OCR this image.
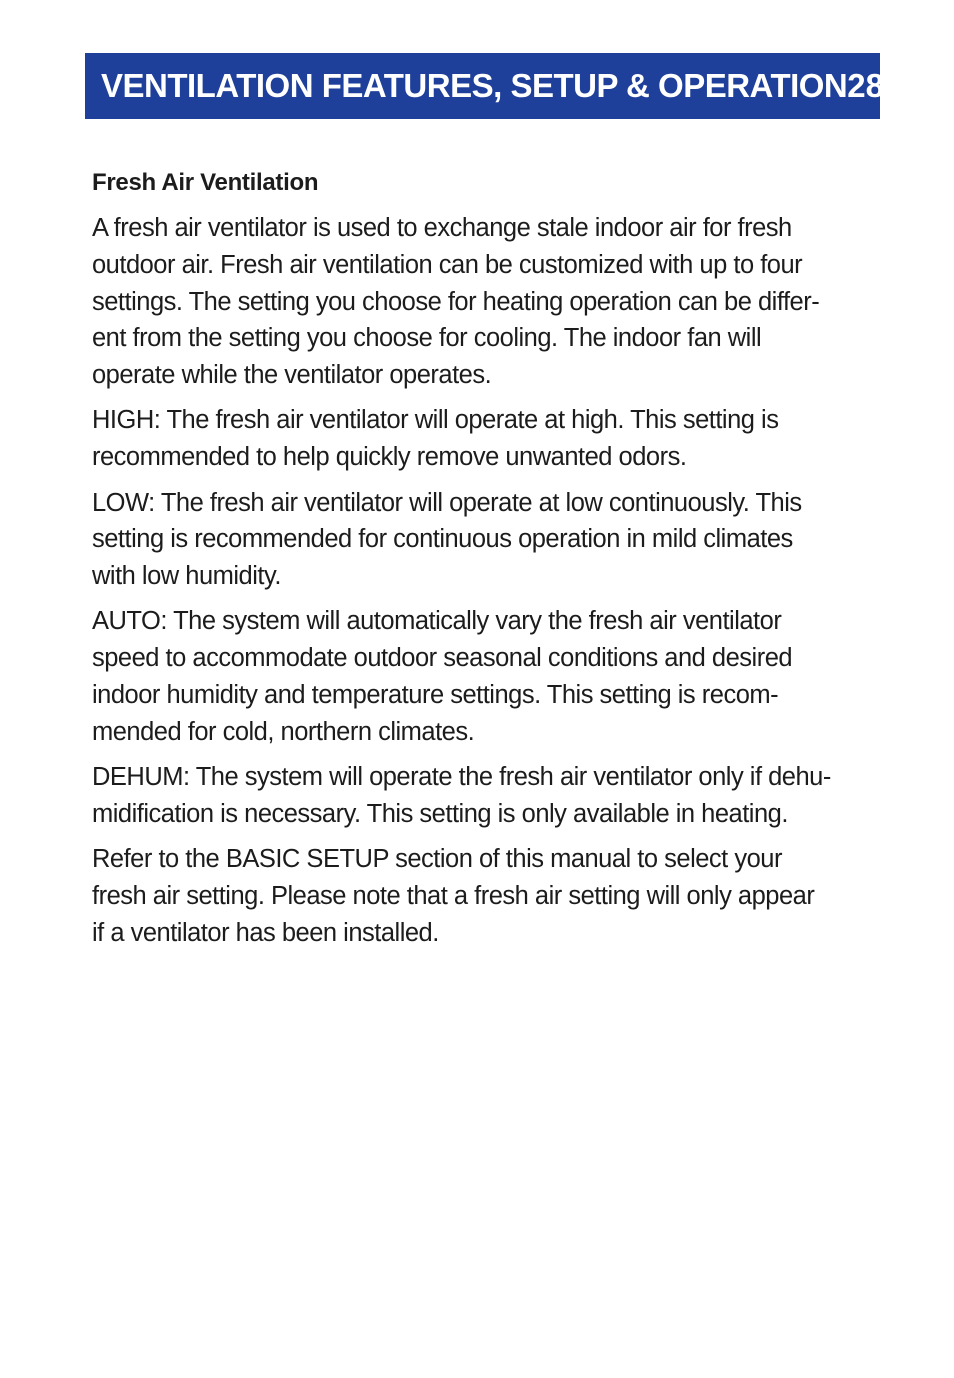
VENTILATION FEATURES, SETUP & OPERATION 28
Fresh Air Ventilation

A fresh air ventilator is used to exchange stale indoor air for fresh
outdoor air. Fresh air ventilation can be customized with up to four
settings. The setting you choose for heating operation can be differ-
ent from the setting you choose for cooling. The indoor fan will
operate while the ventilator operates.

HIGH: The fresh air ventilator will operate at high. This setting is
recommended to help quickly remove unwanted odors.

LOW: The fresh air ventilator will operate at low continuously. This
setting is recommended for continuous operation in mild climates
with low humidity.

AUTO: The system will automatically vary the fresh air ventilator
speed to accommodate outdoor seasonal conditions and desired
indoor humidity and temperature settings. This setting is recom-
mended for cold, northern climates.

DEHUM: The system will operate the fresh air ventilator only if dehu-
midification is necessary. This setting is only available in heating.

Refer to the BASIC SETUP section of this manual to select your
fresh air setting. Please note that a fresh air setting will only appear
if a ventilator has been installed.
